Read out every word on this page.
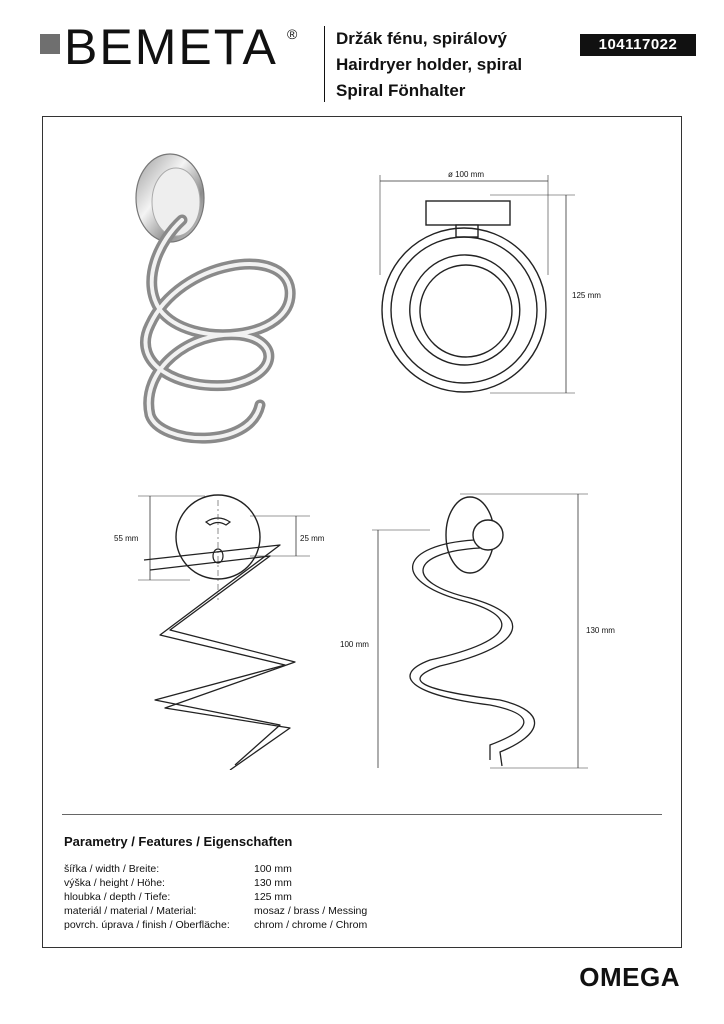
BEMETA ® Držák fénu, spirálový
Hairdryer holder, spiral
Spiral Fönhalter
104117022
ø 100 mm
125 mm
55 mm	25 mm
100 mm
130 mm
Parametry / Features / Eigenschaften
šířka / width / Breite:	100 mm
výška / height / Höhe:	130 mm
hloubka / depth / Tiefe:	125 mm
materiál / material / Material:	mosaz / brass / Messing
povrch. úprava / finish / Oberfläche: chrom / chrome / Chrom
OMEGA
